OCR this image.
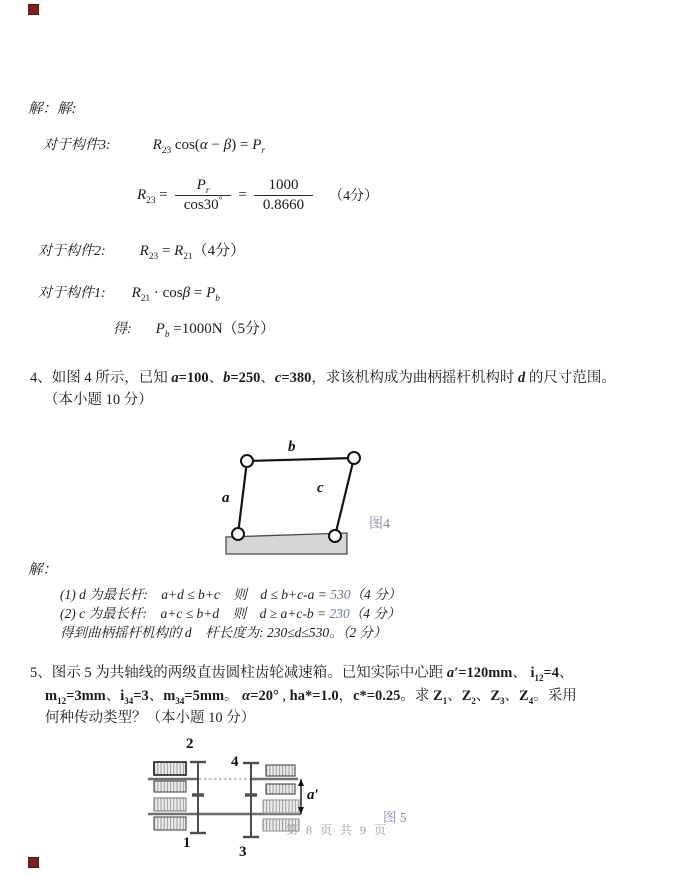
解：解:
对于构件3:	$R_{23}$ $\cos(\alpha - \beta) = P_r$
$R_{23} = \frac{P_r}{\cos 30^\circ} = \frac{1000}{0.8660} (4$分）
对于构件2: $R_{23} = R_{21}(4$分）
对于构件1: $R_{21} \cdot \cos\beta = P_b$
得: $P_b =1000N(5$分）
4、如图 4 所示，已知 a=100、b=250、c=380，求该机构成为曲柄摇杆机构时 d 的尺寸范围。
（本小题 10 分）
a
b
c
图4
解：
(1) d 为最长杆:　a+d ≤ b+c　则　d ≤ b+c-a = 530（4 分）
(2) c 为最长杆:　a+c ≤ b+d　则　d ≥ a+c-b = 230（4 分）
得到曲柄摇杆机构的 d　杆长度为: 230≤d≤530。（2 分）
5、图示 5 为共轴线的两级直齿圆柱齿轮减速箱。已知实际中心距 a′=120mm、 $i_{12}=4$、
$m_{12}=3mm$、$i_{34}=3$、$m_{34}=5mm$。 α=20° , ha*=1.0，c*=0.25。求 $Z_1$、$Z_2$、$Z_3$、$Z_4$。采用
何种传动类型？（本小题 10 分）
a′
2
4
1
3
图 5
第 8 页 共 9 页
